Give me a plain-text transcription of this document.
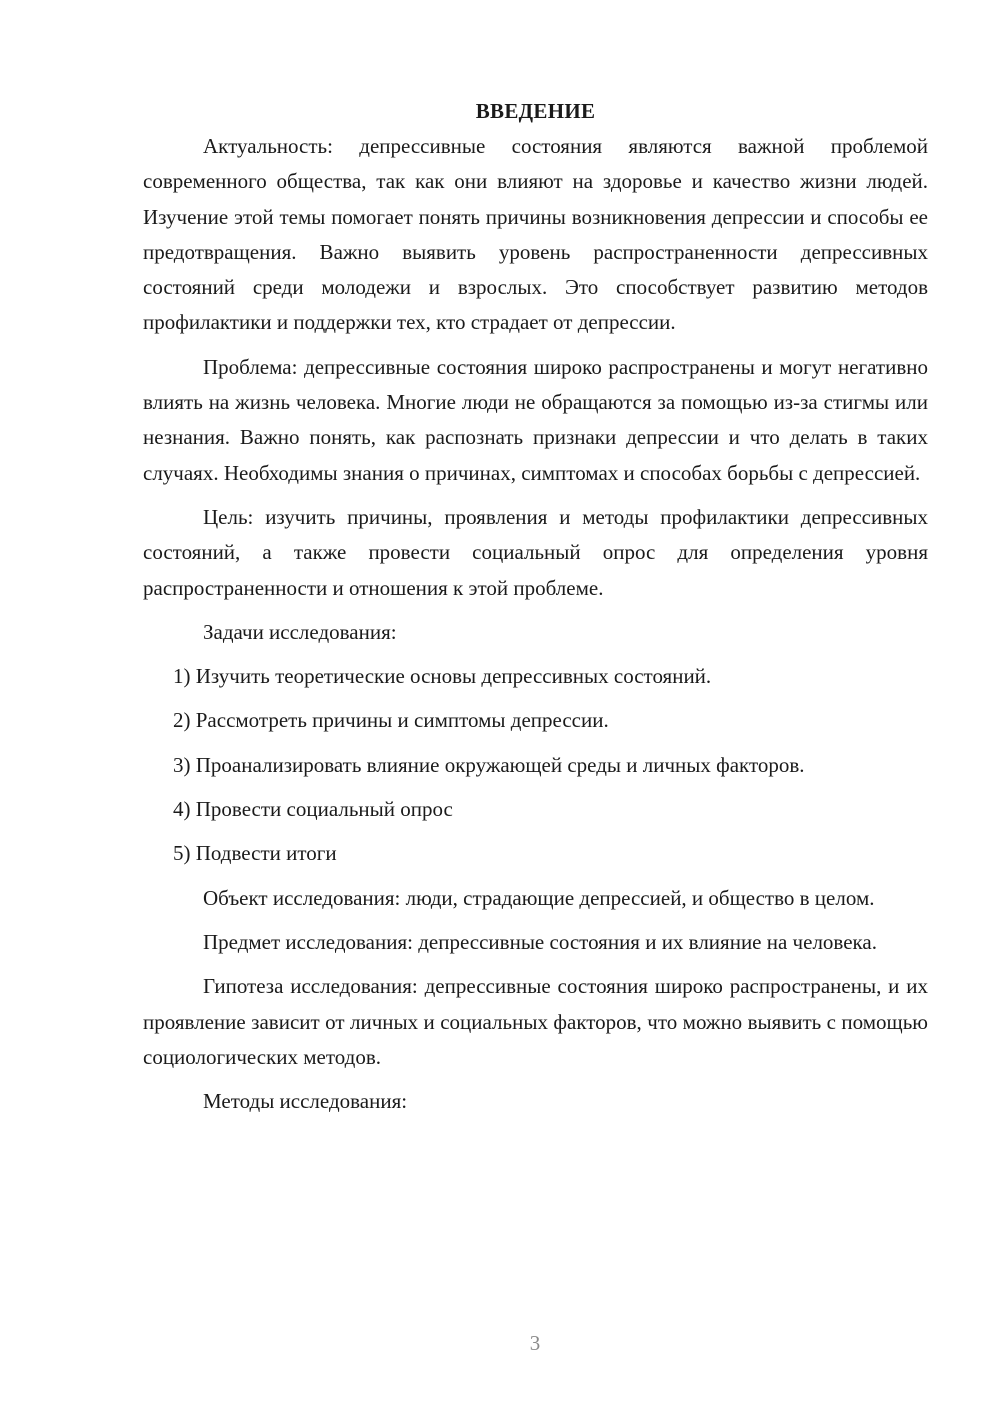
ВВЕДЕНИЕ

Актуальность: депрессивные состояния являются важной проблемой современного общества, так как они влияют на здоровье и качество жизни людей. Изучение этой темы помогает понять причины возникновения депрессии и способы ее предотвращения. Важно выявить уровень распространенности депрессивных состояний среди молодежи и взрослых. Это способствует развитию методов профилактики и поддержки тех, кто страдает от депрессии.

Проблема: депрессивные состояния широко распространены и могут негативно влиять на жизнь человека. Многие люди не обращаются за помощью из-за стигмы или незнания. Важно понять, как распознать признаки депрессии и что делать в таких случаях. Необходимы знания о причинах, симптомах и способах борьбы с депрессией.

Цель: изучить причины, проявления и методы профилактики депрессивных состояний, а также провести социальный опрос для определения уровня распространенности и отношения к этой проблеме.

Задачи исследования:

1) Изучить теоретические основы депрессивных состояний.

2) Рассмотреть причины и симптомы депрессии.

3) Проанализировать влияние окружающей среды и личных факторов.

4) Провести социальный опрос

5) Подвести итоги

Объект исследования: люди, страдающие депрессией, и общество в целом.

Предмет исследования: депрессивные состояния и их влияние на человека.

Гипотеза исследования: депрессивные состояния широко распространены, и их проявление зависит от личных и социальных факторов, что можно выявить с помощью социологических методов.

Методы исследования:

3
